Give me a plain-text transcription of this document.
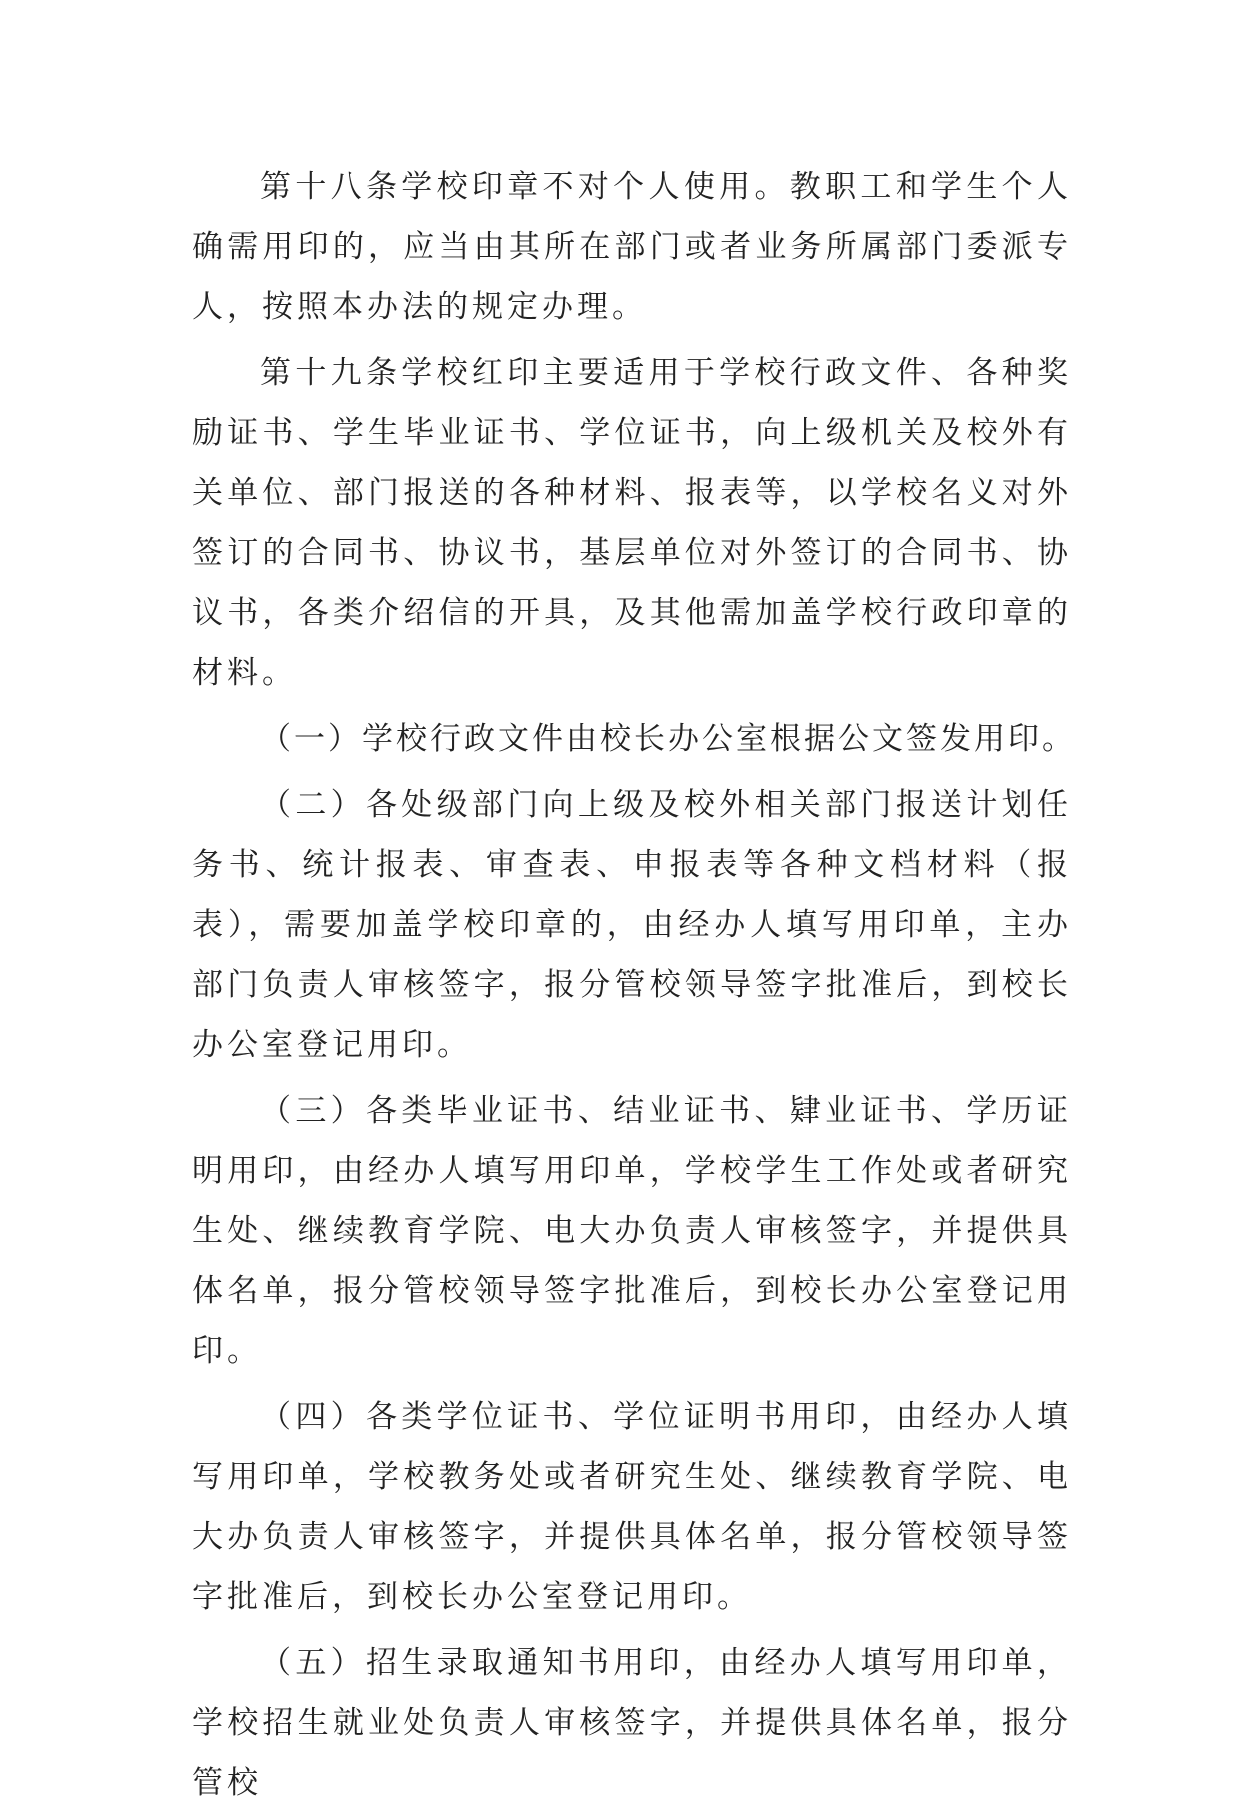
第十八条学校印章不对个人使用。教职工和学生个人确需用印的，应当由其所在部门或者业务所属部门委派专人，按照本办法的规定办理。

第十九条学校红印主要适用于学校行政文件、各种奖励证书、学生毕业证书、学位证书，向上级机关及校外有关单位、部门报送的各种材料、报表等，以学校名义对外签订的合同书、协议书，基层单位对外签订的合同书、协议书，各类介绍信的开具，及其他需加盖学校行政印章的材料。

（一）学校行政文件由校长办公室根据公文签发用印。

（二）各处级部门向上级及校外相关部门报送计划任务书、统计报表、审查表、申报表等各种文档材料（报表），需要加盖学校印章的，由经办人填写用印单，主办部门负责人审核签字，报分管校领导签字批准后，到校长办公室登记用印。

（三）各类毕业证书、结业证书、肄业证书、学历证明用印，由经办人填写用印单，学校学生工作处或者研究生处、继续教育学院、电大办负责人审核签字，并提供具体名单，报分管校领导签字批准后，到校长办公室登记用印。

（四）各类学位证书、学位证明书用印，由经办人填写用印单，学校教务处或者研究生处、继续教育学院、电大办负责人审核签字，并提供具体名单，报分管校领导签字批准后，到校长办公室登记用印。

（五）招生录取通知书用印，由经办人填写用印单，学校招生就业处负责人审核签字，并提供具体名单，报分管校
